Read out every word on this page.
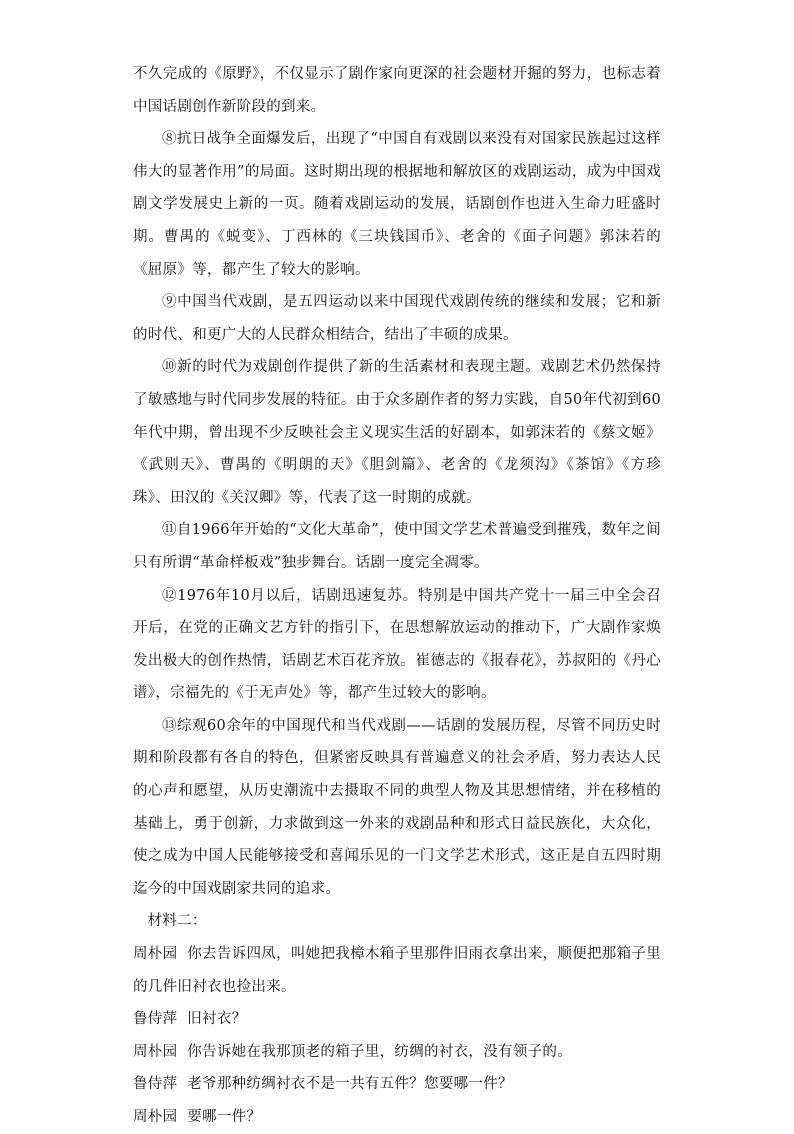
不久完成的《原野》，不仅显示了剧作家向更深的社会题材开掘的努力，也标志着中国话剧创作新阶段的到来。

⑧抗日战争全面爆发后，出现了“中国自有戏剧以来没有对国家民族起过这样伟大的显著作用”的局面。这时期出现的根据地和解放区的戏剧运动，成为中国戏剧文学发展史上新的一页。随着戏剧运动的发展，话剧创作也进入生命力旺盛时期。曹禺的《蜕变》、丁西林的《三块钱国币》、老舍的《面子问题》郭沫若的《屈原》等，都产生了较大的影响。

⑨中国当代戏剧，是五四运动以来中国现代戏剧传统的继续和发展；它和新的时代、和更广大的人民群众相结合，结出了丰硕的成果。

⑩新的时代为戏剧创作提供了新的生活素材和表现主题。戏剧艺术仍然保持了敏感地与时代同步发展的特征。由于众多剧作者的努力实践，自50年代初到60年代中期，曾出现不少反映社会主义现实生活的好剧本，如郭沫若的《蔡文姬》《武则天》、曹禺的《明朗的天》《胆剑篇》、老舍的《龙须沟》《茶馆》《方珍珠》、田汉的《关汉卿》等，代表了这一时期的成就。

⑪自1966年开始的“文化大革命”，使中国文学艺术普遍受到摧残，数年之间只有所谓“革命样板戏”独步舞台。话剧一度完全凋零。

⑫1976年10月以后，话剧迅速复苏。特别是中国共产党十一届三中全会召开后，在党的正确文艺方针的指引下，在思想解放运动的推动下，广大剧作家焕发出极大的创作热情，话剧艺术百花齐放。崔德志的《报春花》，苏叔阳的《丹心谱》，宗福先的《于无声处》等，都产生过较大的影响。

⑬综观60余年的中国现代和当代戏剧——话剧的发展历程，尽管不同历史时期和阶段都有各自的特色，但紧密反映具有普遍意义的社会矛盾，努力表达人民的心声和愿望，从历史潮流中去摄取不同的典型人物及其思想情绪，并在移植的基础上，勇于创新，力求做到这一外来的戏剧品种和形式日益民族化，大众化，使之成为中国人民能够接受和喜闻乐见的一门文学艺术形式，这正是自五四时期迄今的中国戏剧家共同的追求。

材料二：

周朴园 你去告诉四凤，叫她把我樟木箱子里那件旧雨衣拿出来，顺便把那箱子里的几件旧衬衣也捡出来。

鲁侍萍 旧衬衣？

周朴园 你告诉她在我那顶老的箱子里，纺绸的衬衣，没有领子的。

鲁侍萍 老爷那种纺绸衬衣不是一共有五件？您要哪一件？

周朴园 要哪一件？
